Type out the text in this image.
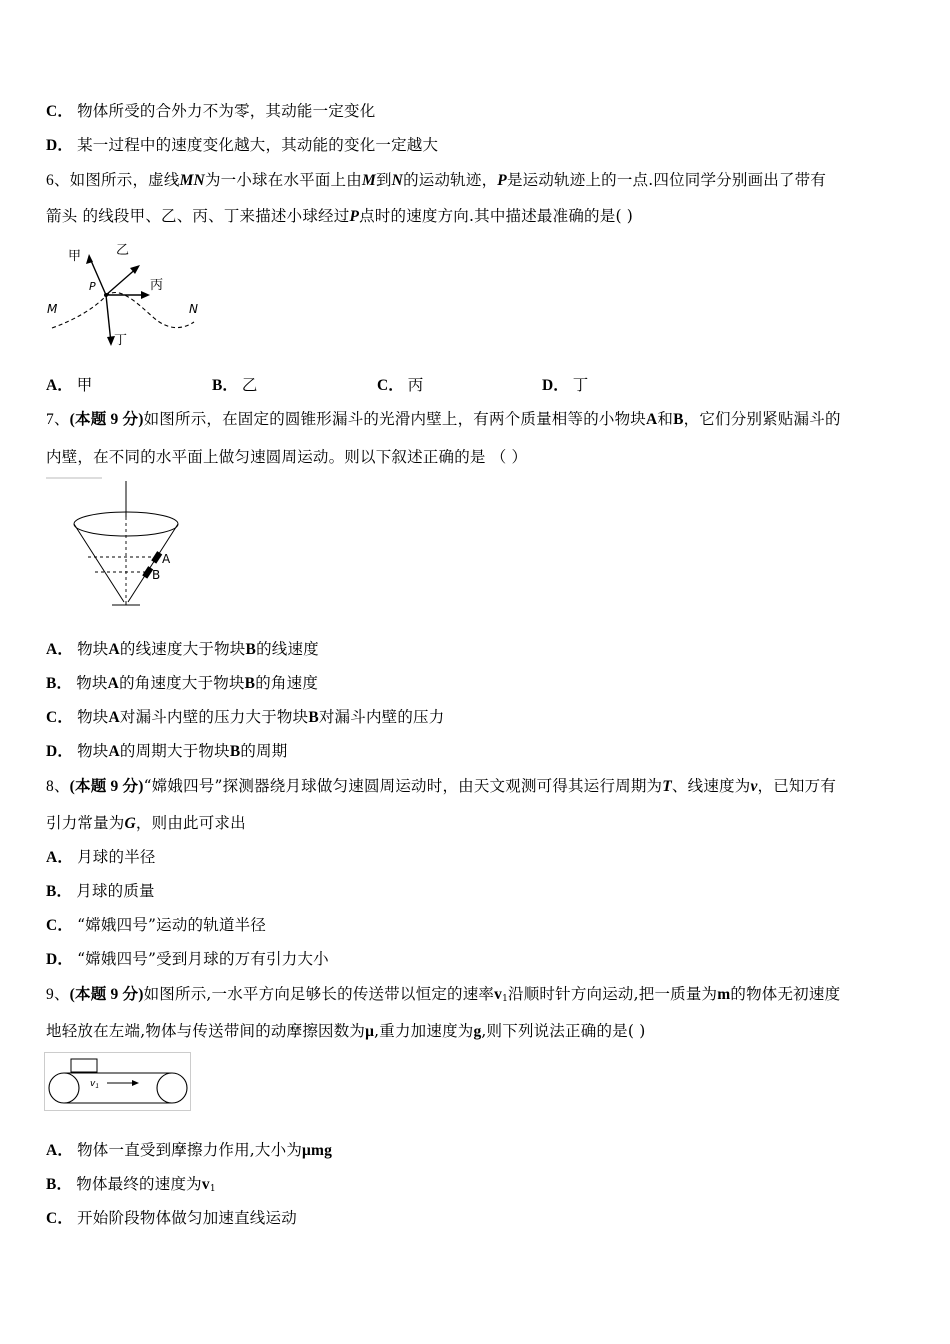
C． 物体所受的合外力不为零，其动能一定变化
D． 某一过程中的速度变化越大，其动能的变化一定越大
6、如图所示，虚线MN为一小球在水平面上由M到N的运动轨迹，P是运动轨迹上的一点.四位同学分别画出了带有
箭头 的线段甲、乙、丙、丁来描述小球经过P点时的速度方向.其中描述最准确的是( )
甲	乙
丙
丁
P
M	N
A． 甲	B． 乙	C． 丙	D． 丁
7、(本题 9 分)如图所示，在固定的圆锥形漏斗的光滑内壁上，有两个质量相等的小物块A和B，它们分别紧贴漏斗的
内壁，在不同的水平面上做匀速圆周运动。则以下叙述正确的是 （ ）
A
B
A． 物块A的线速度大于物块B的线速度
B． 物块A的角速度大于物块B的角速度
C． 物块A对漏斗内壁的压力大于物块B对漏斗内壁的压力
D． 物块A的周期大于物块B的周期
8、(本题 9 分)“嫦娥四号”探测器绕月球做匀速圆周运动时，由天文观测可得其运行周期为T、线速度为v，已知万有
引力常量为G，则由此可求出
A． 月球的半径
B． 月球的质量
C． “嫦娥四号”运动的轨道半径
D． “嫦娥四号”受到月球的万有引力大小
9、(本题 9 分)如图所示,一水平方向足够长的传送带以恒定的速率$v_1$沿顺时针方向运动,把一质量为m的物体无初速度
地轻放在左端,物体与传送带间的动摩擦因数为μ,重力加速度为g,则下列说法正确的是( )
$v_1$
A． 物体一直受到摩擦力作用,大小为μmg
B． 物体最终的速度为$v_1$
C． 开始阶段物体做匀加速直线运动
